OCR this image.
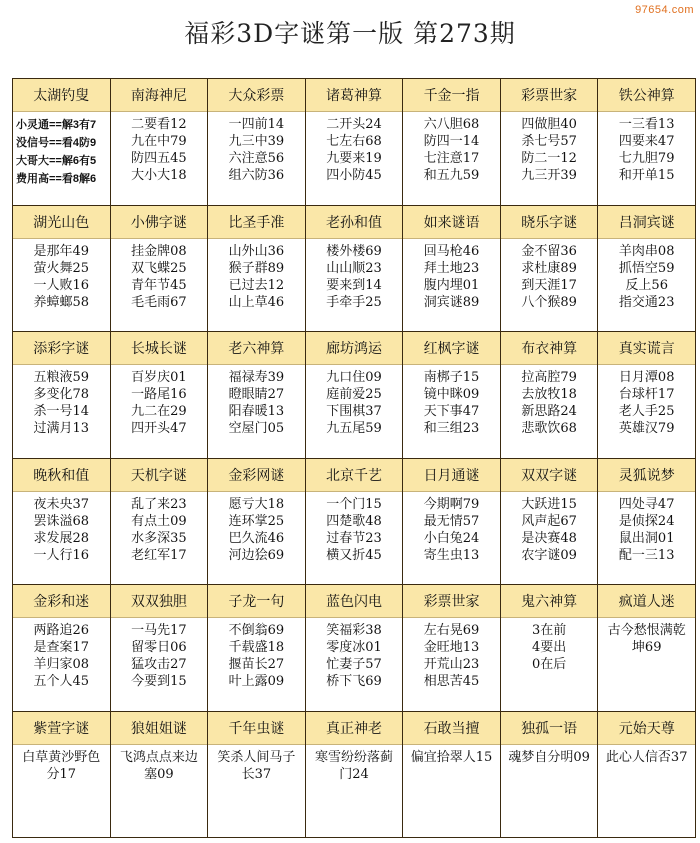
97654.com
福彩3D字谜第一版 第273期
太湖钓叟
小灵通==解3有7
没信号==看4防9
大哥大==解6有5
费用高==看8解6
南海神尼
二要看12
九在中79
防四五45
大小大18
大众彩票
一四前14
九三中39
六注意56
组六防36
诸葛神算
二开头24
七左右68
九要来19
四小防45
千金一指
六八胆68
防四一14
七注意17
和五九59
彩票世家
四做胆40
杀七号57
防二一12
九三开39
铁公神算
一三看13
四要来47
七九胆79
和开单15
湖光山色
是那年49
萤火舞25
一人败16
养蟑螂58
小佛字谜
挂金牌08
双飞蝶25
青年节45
毛毛雨67
比圣手准
山外山36
猴子群89
已过去12
山上草46
老孙和值
楼外楼69
山山顺23
要来到14
手牵手25
如来谜语
回马枪46
拜土地23
腹内埋01
洞宾谜89
晓乐字谜
金不留36
求杜康89
到天涯17
八个猴89
吕洞宾谜
羊肉串08
抓悟空59
反上56
指交通23
添彩字谜
五粮液59
多变化78
杀一号14
过满月13
长城长谜
百岁庆01
一路尾16
九二在29
四开头47
老六神算
福禄寿39
瞪眼睛27
阳春暖13
空屋门05
廊坊鸿运
九口住09
庭前爱25
下围棋37
九五尾59
红枫字谜
南梆子15
镜中眯09
天下事47
和三组23
布衣神算
拉高腔79
去放牧18
新思路24
悲歌饮68
真实谎言
日月潭08
台球杆17
老人手25
英雄汉79
晚秋和值
夜未央37
罢诛溢68
求发展28
一人行16
天机字谜
乱了来23
有点土09
水多深35
老红军17
金彩网谜
愿亏大18
连环掌25
巴久流46
河边狯69
北京千艺
一个门15
四楚歌48
过春节23
横又折45
日月通谜
今期啊79
最无情57
小白兔24
寄生虫13
双双字谜
大跃进15
风声起67
是决赛48
农字谜09
灵狐说梦
四处寻47
是侦探24
鼠出洞01
配一三13
金彩和迷
两路追26
是查案17
羊归家08
五个人45
双双独胆
一马先17
留零日06
猛攻击27
今要到15
子龙一句
不倒翁69
千载盛18
揠苗长27
叶上露09
蓝色闪电
笑福彩38
零度冰01
忙妻子57
桥下飞69
彩票世家
左右晃69
金旺地13
开荒山23
相思苦45
鬼六神算
3在前
4要出
0在后
疯道人迷
古今愁恨满乾坤69
紫萱字谜
白草黄沙野色分17
狼姐姐谜
飞鸿点点来边塞09
千年虫谜
笑杀人间马子长37
真正神老
寒雪纷纷落蓟门24
石敢当擅
偏宜拾翠人15
独孤一语
魂梦自分明09
元始天尊
此心人信否37
